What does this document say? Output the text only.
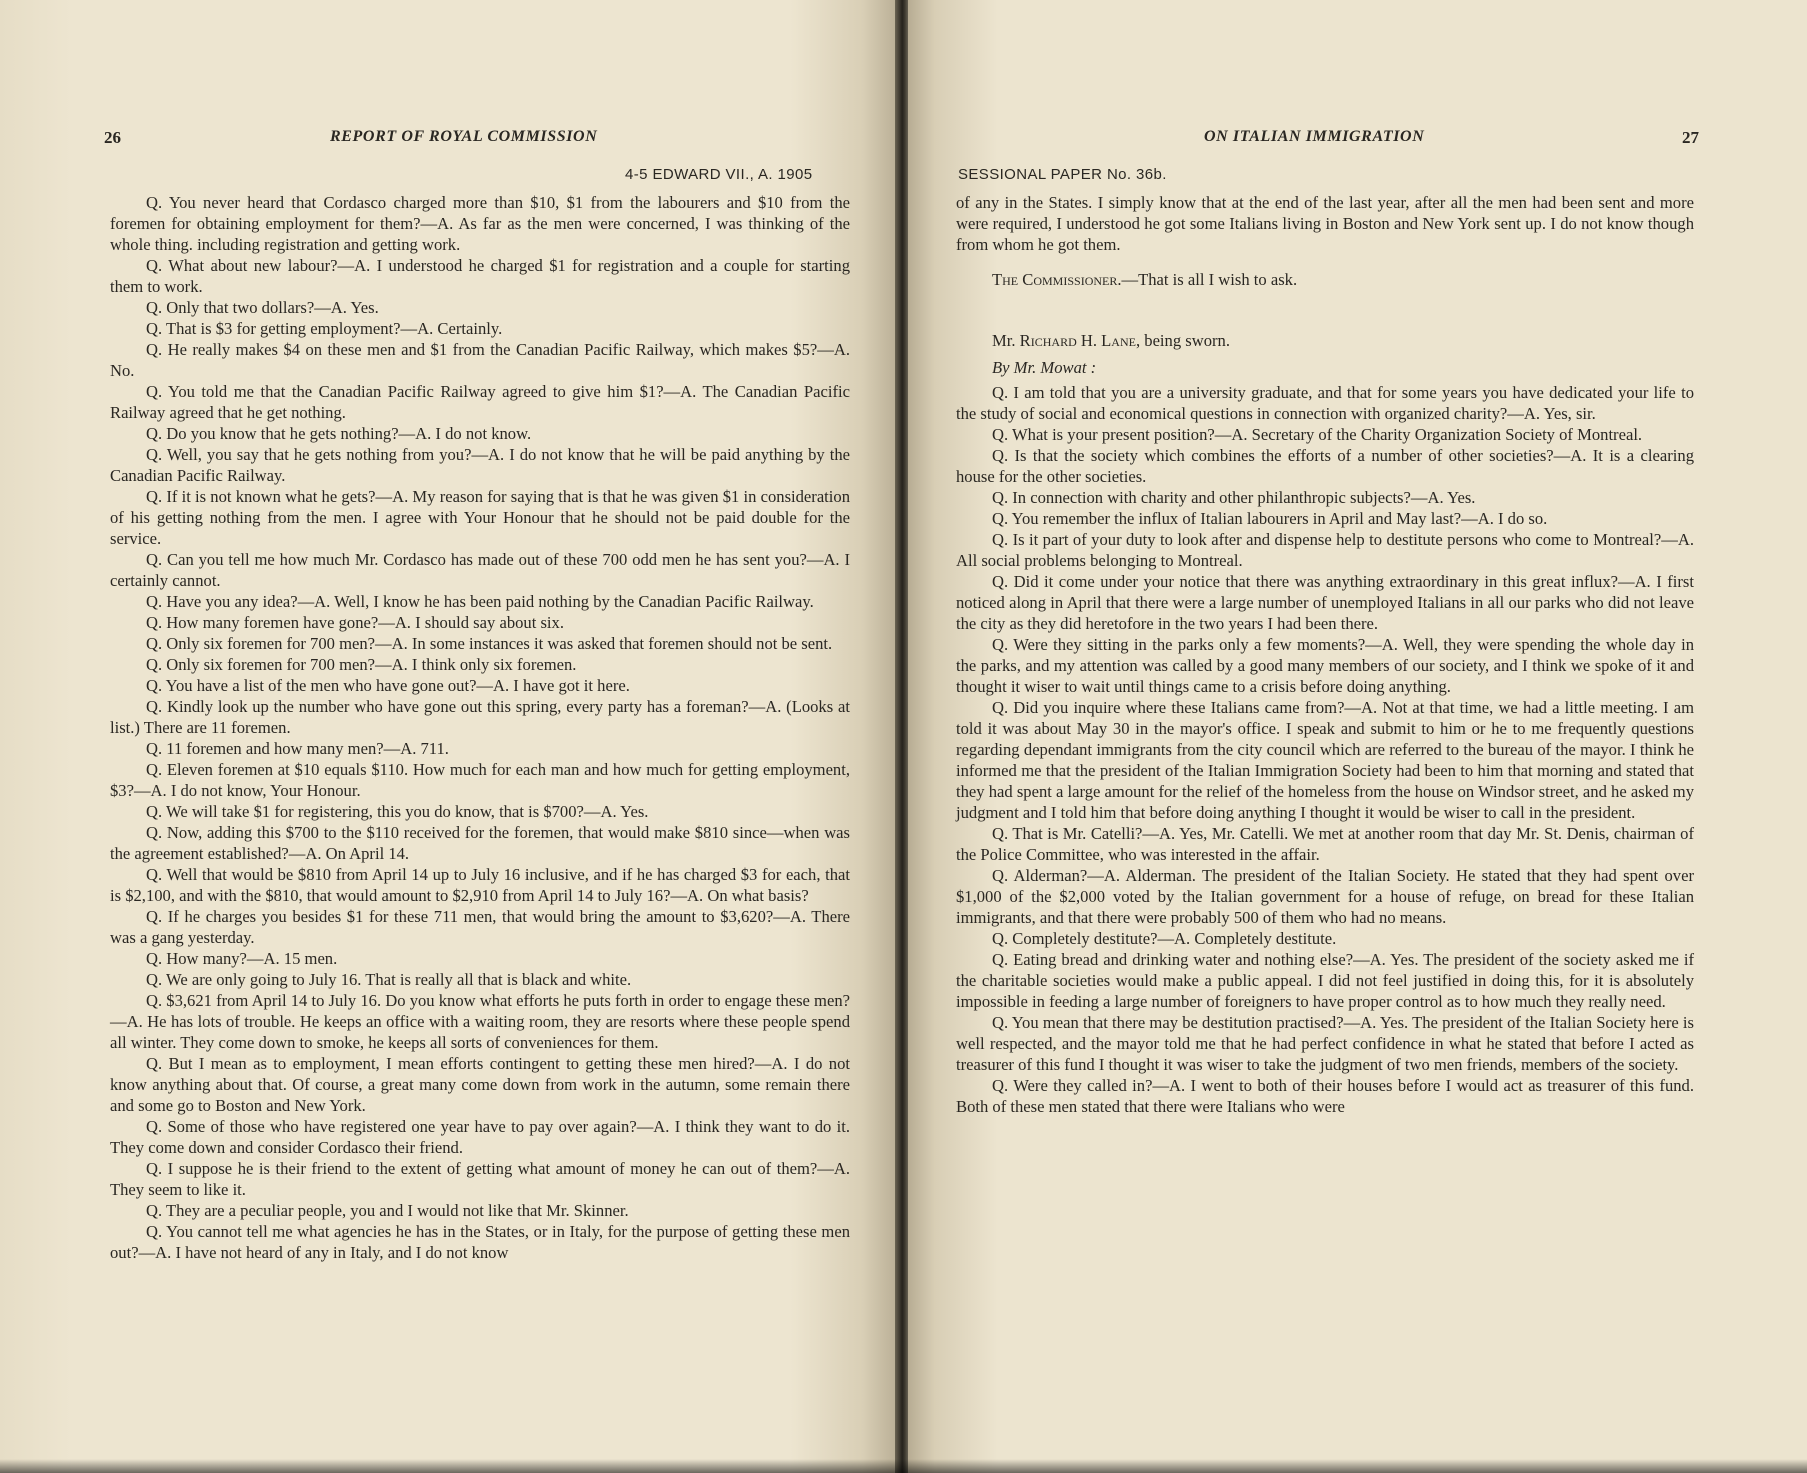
26	REPORT OF ROYAL COMMISSION
4-5 EDWARD VII., A. 1905

Q. You never heard that Cordasco charged more than $10, $1 from the labourers and $10 from the foremen for obtaining employment for them?—A. As far as the men were concerned, I was thinking of the whole thing. including registration and getting work.

Q. What about new labour?—A. I understood he charged $1 for registration and a couple for starting them to work.

Q. Only that two dollars?—A. Yes.

Q. That is $3 for getting employment?—A. Certainly.

Q. He really makes $4 on these men and $1 from the Canadian Pacific Railway, which makes $5?—A. No.

Q. You told me that the Canadian Pacific Railway agreed to give him $1?—A. The Canadian Pacific Railway agreed that he get nothing.

Q. Do you know that he gets nothing?—A. I do not know.

Q. Well, you say that he gets nothing from you?—A. I do not know that he will be paid anything by the Canadian Pacific Railway.

Q. If it is not known what he gets?—A. My reason for saying that is that he was given $1 in consideration of his getting nothing from the men. I agree with Your Honour that he should not be paid double for the service.

Q. Can you tell me how much Mr. Cordasco has made out of these 700 odd men he has sent you?—A. I certainly cannot.

Q. Have you any idea?—A. Well, I know he has been paid nothing by the Canadian Pacific Railway.

Q. How many foremen have gone?—A. I should say about six.

Q. Only six foremen for 700 men?—A. In some instances it was asked that foremen should not be sent.

Q. Only six foremen for 700 men?—A. I think only six foremen.

Q. You have a list of the men who have gone out?—A. I have got it here.

Q. Kindly look up the number who have gone out this spring, every party has a foreman?—A. (Looks at list.) There are 11 foremen.

Q. 11 foremen and how many men?—A. 711.

Q. Eleven foremen at $10 equals $110. How much for each man and how much for getting employment, $3?—A. I do not know, Your Honour.

Q. We will take $1 for registering, this you do know, that is $700?—A. Yes.

Q. Now, adding this $700 to the $110 received for the foremen, that would make $810 since—when was the agreement established?—A. On April 14.

Q. Well that would be $810 from April 14 up to July 16 inclusive, and if he has charged $3 for each, that is $2,100, and with the $810, that would amount to $2,910 from April 14 to July 16?—A. On what basis?

Q. If he charges you besides $1 for these 711 men, that would bring the amount to $3,620?—A. There was a gang yesterday.

Q. How many?—A. 15 men.

Q. We are only going to July 16. That is really all that is black and white.

Q. $3,621 from April 14 to July 16. Do you know what efforts he puts forth in order to engage these men?—A. He has lots of trouble. He keeps an office with a waiting room, they are resorts where these people spend all winter. They come down to smoke, he keeps all sorts of conveniences for them.

Q. But I mean as to employment, I mean efforts contingent to getting these men hired?—A. I do not know anything about that. Of course, a great many come down from work in the autumn, some remain there and some go to Boston and New York.

Q. Some of those who have registered one year have to pay over again?—A. I think they want to do it. They come down and consider Cordasco their friend.

Q. I suppose he is their friend to the extent of getting what amount of money he can out of them?—A. They seem to like it.

Q. They are a peculiar people, you and I would not like that Mr. Skinner.

Q. You cannot tell me what agencies he has in the States, or in Italy, for the purpose of getting these men out?—A. I have not heard of any in Italy, and I do not know

ON ITALIAN IMMIGRATION	27
SESSIONAL PAPER No. 36b.

of any in the States. I simply know that at the end of the last year, after all the men had been sent and more were required, I understood he got some Italians living in Boston and New York sent up. I do not know though from whom he got them.

The Commissioner.—That is all I wish to ask.

Mr. Richard H. Lane, being sworn.

By Mr. Mowat :

Q. I am told that you are a university graduate, and that for some years you have dedicated your life to the study of social and economical questions in connection with organized charity?—A. Yes, sir.

Q. What is your present position?—A. Secretary of the Charity Organization Society of Montreal.

Q. Is that the society which combines the efforts of a number of other societies?—A. It is a clearing house for the other societies.

Q. In connection with charity and other philanthropic subjects?—A. Yes.

Q. You remember the influx of Italian labourers in April and May last?—A. I do so.

Q. Is it part of your duty to look after and dispense help to destitute persons who come to Montreal?—A. All social problems belonging to Montreal.

Q. Did it come under your notice that there was anything extraordinary in this great influx?—A. I first noticed along in April that there were a large number of unemployed Italians in all our parks who did not leave the city as they did heretofore in the two years I had been there.

Q. Were they sitting in the parks only a few moments?—A. Well, they were spending the whole day in the parks, and my attention was called by a good many members of our society, and I think we spoke of it and thought it wiser to wait until things came to a crisis before doing anything.

Q. Did you inquire where these Italians came from?—A. Not at that time, we had a little meeting. I am told it was about May 30 in the mayor's office. I speak and submit to him or he to me frequently questions regarding dependant immigrants from the city council which are referred to the bureau of the mayor. I think he informed me that the president of the Italian Immigration Society had been to him that morning and stated that they had spent a large amount for the relief of the homeless from the house on Windsor street, and he asked my judgment and I told him that before doing anything I thought it would be wiser to call in the president.

Q. That is Mr. Catelli?—A. Yes, Mr. Catelli. We met at another room that day Mr. St. Denis, chairman of the Police Committee, who was interested in the affair.

Q. Alderman?—A. Alderman. The president of the Italian Society. He stated that they had spent over $1,000 of the $2,000 voted by the Italian government for a house of refuge, on bread for these Italian immigrants, and that there were probably 500 of them who had no means.

Q. Completely destitute?—A. Completely destitute.

Q. Eating bread and drinking water and nothing else?—A. Yes. The president of the society asked me if the charitable societies would make a public appeal. I did not feel justified in doing this, for it is absolutely impossible in feeding a large number of foreigners to have proper control as to how much they really need.

Q. You mean that there may be destitution practised?—A. Yes. The president of the Italian Society here is well respected, and the mayor told me that he had perfect confidence in what he stated that before I acted as treasurer of this fund I thought it was wiser to take the judgment of two men friends, members of the society.

Q. Were they called in?—A. I went to both of their houses before I would act as treasurer of this fund. Both of these men stated that there were Italians who were
